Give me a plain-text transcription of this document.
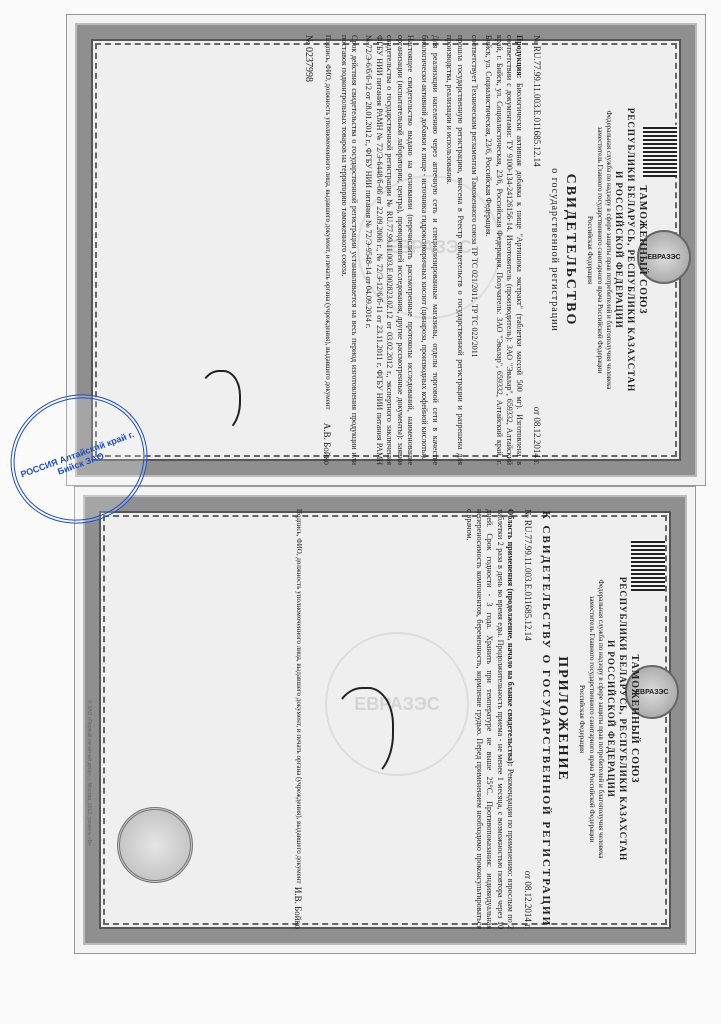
ЕВРАЗЭС
ЕВРАЗЭС	ТАМОЖЕННЫЙ СОЮЗ
РЕСПУБЛИКИ БЕЛАРУСЬ, РЕСПУБЛИКИ КАЗАХСТАН
И РОССИЙСКОЙ ФЕДЕРАЦИИ
Федеральная служба по надзору в сфере защиты прав потребителей и благополучия человека
заместитель Главного государственного санитарного врача Российской Федерации
Российская Федерация
СВИДЕТЕЛЬСТВО
о государственной регистрации
№ RU.77.99.11.003.Е.011685.12.14
от 08.12.2014 г.
Продукция: Биологически активная добавка к пище "Артишока экстракт" (таблетки массой 500 мг). Изготовлена в соответствии с документами: ТУ 9100-134-24126156-14. Изготовитель (производитель): ЗАО "Эвалар", 659332, Алтайский край, г. Бийск, ул. Социалистическая, 23/6, Российская Федерация. Получатель: ЗАО "Эвалар", 659332, Алтайский край, г. Бийск, ул. Социалистическая, 23/6, Российская Федерация.
соответствует Техническим регламентам Таможенного союза ТР ТС 021/2011, ТР ТС 022/2011
прошла государственную регистрацию, внесена в Реестр свидетельств о государственной регистрации и разрешена для производства, реализации и использования.
Для реализации населению через аптечную сеть и специализированные магазины, отделы торговой сети в качестве биологически активной добавки к пище - источника гидроксикоричных кислот (цинароза, производных кофейной кислоты).
Настоящее свидетельство выдано на основании (перечислить рассмотренные протоколы исследований, наименование организации (испытательной лаборатории, центра), проводившей исследования, другие рассмотренные документы): заявки свидетельства о государственной регистрации № RU.77.99.11.003.Е.002823.02.12 от 03.02.2012 г., экспертного заключения ФГБУ НИИ питания РАМН № 72/Э-6448/б-06 от 22.09.2006 г., № 72/Э-12/6/б-11 от 23.11.2011 г. ФГБУ НИИ питания РАМН № 72/Э-6/б/б-12 от 28.01.2012 г., ФГБУ НИИ питания № 72/Э-9548-14 от 04.09.2014 г.
Срок действия свидетельства о государственной регистрации устанавливается на весь период изготовления продукции или поставок подконтрольных товаров на территорию таможенного союза.
Подпись, ФИО, должность уполномоченного лица, выдавшего документ, и печать органа (учреждения), выдавшего документ
А.В. Бойко
№ 0237998
ЕВРАЗЭС
ЕВРАЗЭС	ТАМОЖЕННЫЙ СОЮЗ
РЕСПУБЛИКИ БЕЛАРУСЬ, РЕСПУБЛИКИ КАЗАХСТАН
И РОССИЙСКОЙ ФЕДЕРАЦИИ
Федеральная служба по надзору в сфере защиты прав потребителей и благополучия человека
заместитель Главного государственного санитарного врача Российской Федерации
Российская Федерация
ПРИЛОЖЕНИЕ
К СВИДЕТЕЛЬСТВУ О ГОСУДАРСТВЕННОЙ РЕГИСТРАЦИИ
№ RU.77.99.11.003.Е.011685.12.14
от 08.12.2014 г.
Область применения (продолжение, начало на бланке свидетельства): Рекомендации по применению: взрослым по 2 таблетки 2 раза в день во время еды. Продолжительность приема - не менее 1 месяца, с возможностью повтора через 10 дней. Срок годности - 3 года. Хранить при температуре не выше 25°С. Противопоказания: индивидуальная непереносимость компонентов, беременность, кормление грудью. Перед применением необходимо проконсультироваться с врачом.
Подпись, ФИО, должность уполномоченного лица, выдавшего документ, и печать органа (учреждения), выдавшего документ
И.В. Бойко
РОССИЯ Алтайский край г. Бийск ЗАО
© ЗАО «Первый печатный двор», г. Москва, 2012, уровень «В»
